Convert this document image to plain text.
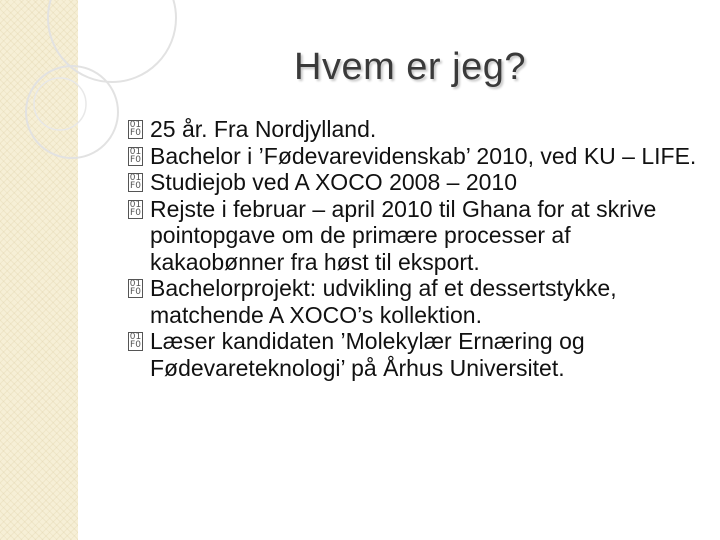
Hvem er jeg?
01
F0 25 år. Fra Nordjylland.
01
F0 Bachelor i ’Fødevarevidenskab’ 2010, ved KU – LIFE.
01
F0 Studiejob ved A XOCO 2008 – 2010
01
F0 Rejste i februar – april 2010 til Ghana for at skrive pointopgave om de primære processer af kakaobønner fra høst til eksport.
01
F0 Bachelorprojekt: udvikling af et dessertstykke, matchende A XOCO’s kollektion.
01
F0 Læser kandidaten ’Molekylær Ernæring og Fødevareteknologi’ på Århus Universitet.
